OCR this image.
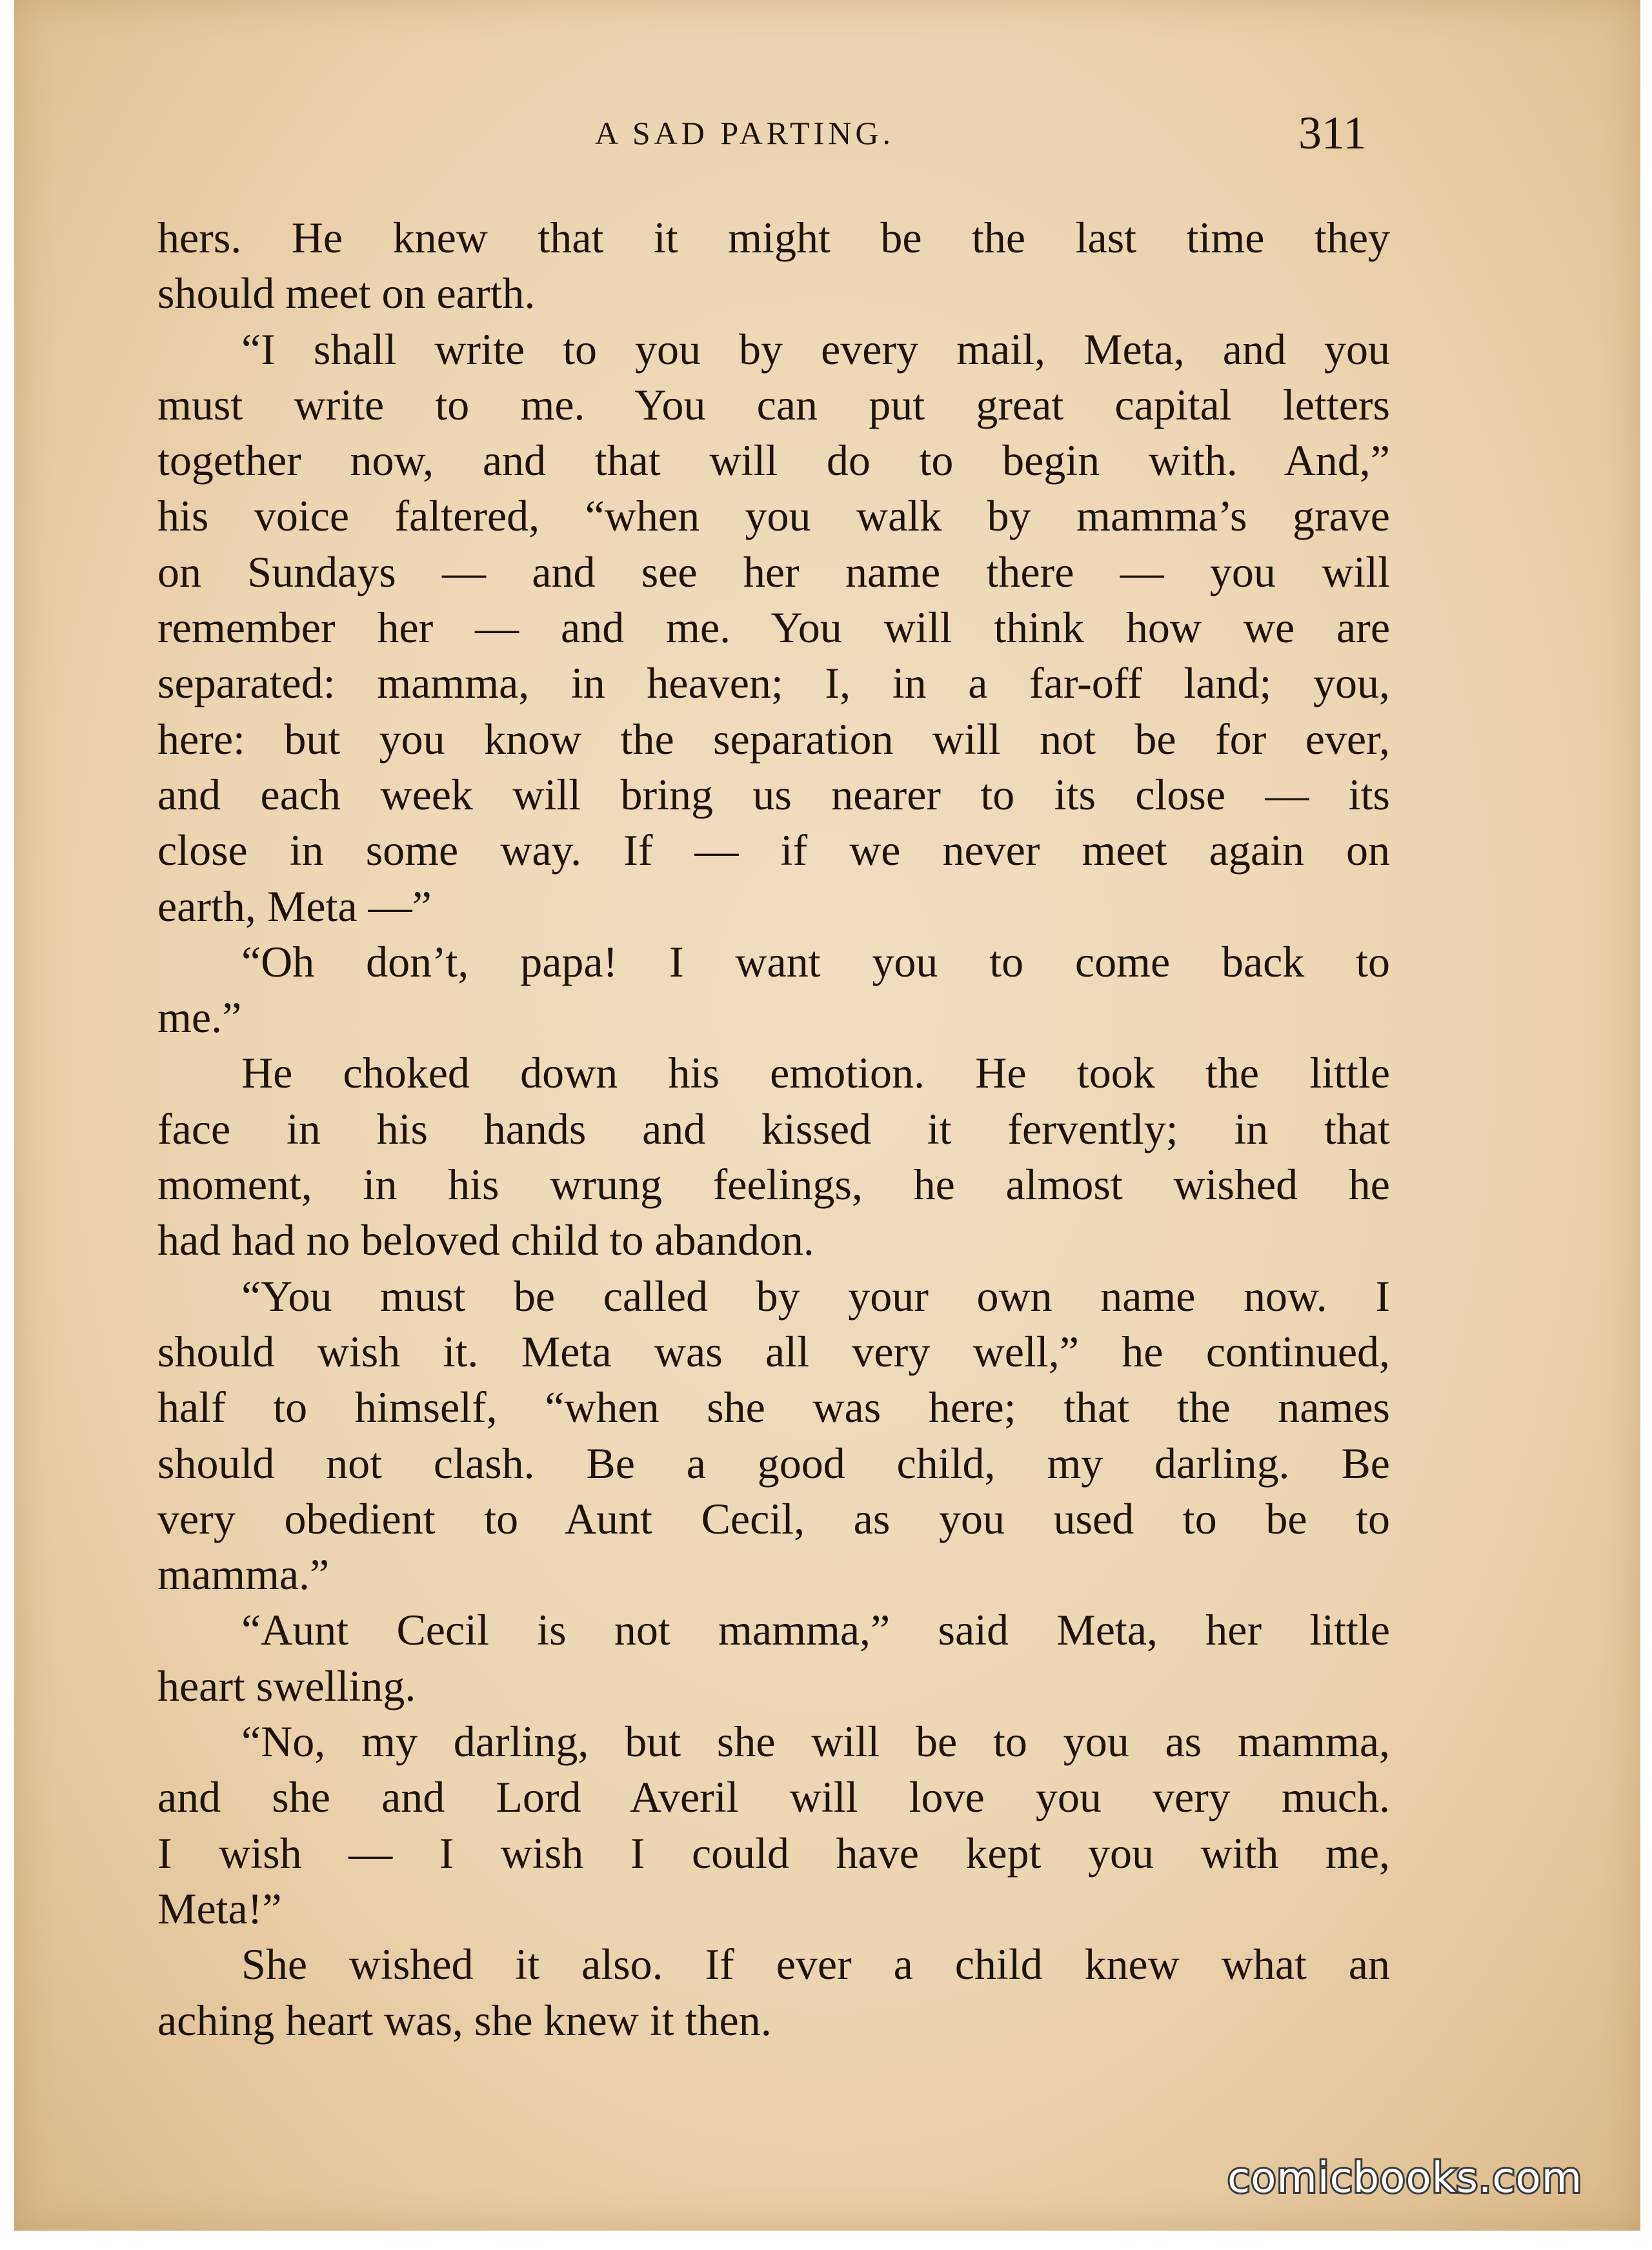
A SAD PARTING.	311
hers. He knew that it might be the last time they
should meet on earth.
“I shall write to you by every mail, Meta, and you
must write to me. You can put great capital letters
together now, and that will do to begin with. And,”
his voice faltered, “when you walk by mamma’s grave
on Sundays — and see her name there — you will
remember her — and me. You will think how we are
separated: mamma, in heaven; I, in a far-off land; you,
here: but you know the separation will not be for ever,
and each week will bring us nearer to its close — its
close in some way. If — if we never meet again on
earth, Meta —”
“Oh don’t, papa! I want you to come back to
me.”
He choked down his emotion. He took the little
face in his hands and kissed it fervently; in that
moment, in his wrung feelings, he almost wished he
had had no beloved child to abandon.
“You must be called by your own name now. I
should wish it. Meta was all very well,” he continued,
half to himself, “when she was here; that the names
should not clash. Be a good child, my darling. Be
very obedient to Aunt Cecil, as you used to be to
mamma.”
“Aunt Cecil is not mamma,” said Meta, her little
heart swelling.
“No, my darling, but she will be to you as mamma,
and she and Lord Averil will love you very much.
I wish — I wish I could have kept you with me,
Meta!”
She wished it also. If ever a child knew what an
aching heart was, she knew it then.
comicbooks.com
